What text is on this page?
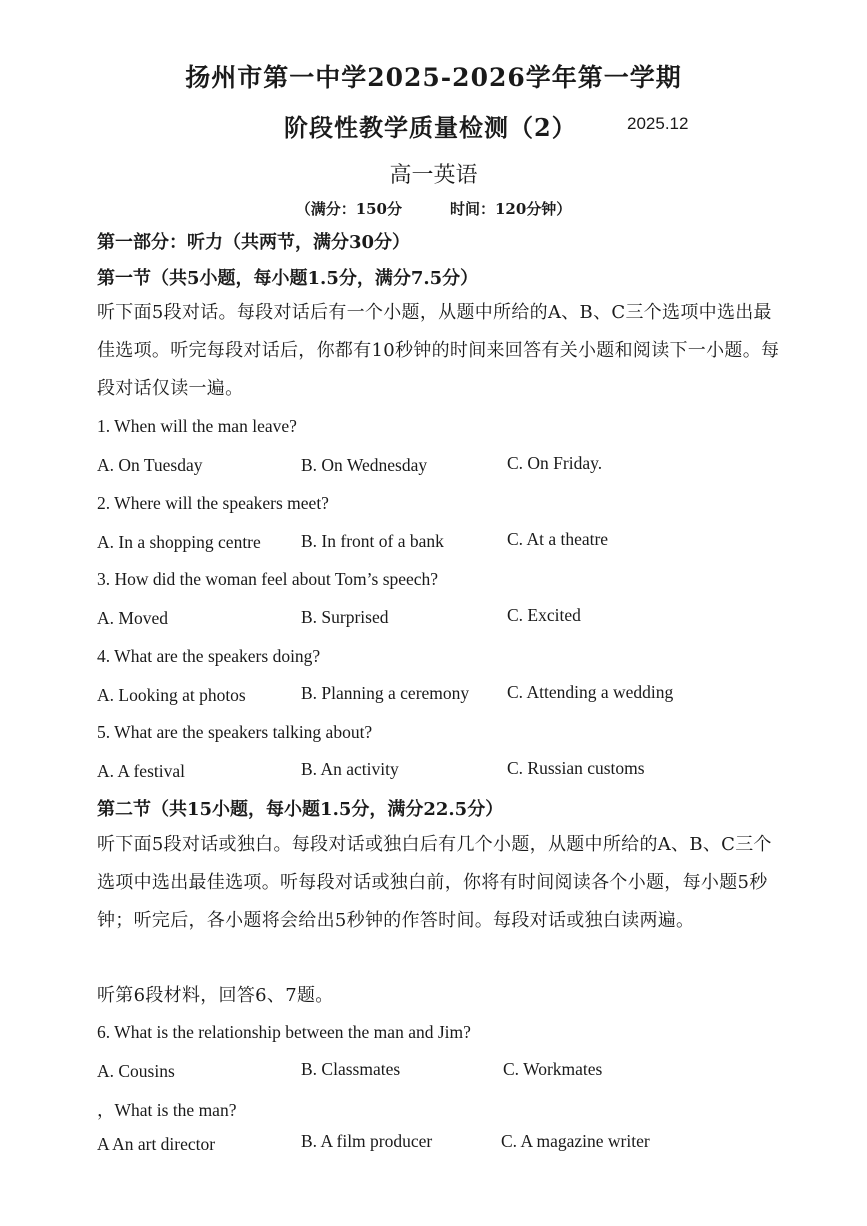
扬州市第一中学2025-2026学年第一学期
阶段性教学质量检测（2）	2025.12
高一英语
（满分：150分	时间：120分钟）
第一部分：听力（共两节，满分30分）
第一节（共5小题，每小题1.5分，满分7.5分）
听下面5段对话。每段对话后有一个小题，从题中所给的A、B、C三个选项中选出最佳选项。听完每段对话后，你都有10秒钟的时间来回答有关小题和阅读下一小题。每段对话仅读一遍。
1. When will the man leave?
A. On Tuesday	B. On Wednesday	C. On Friday.
2. Where will the speakers meet?
A. In a shopping centre B. In front of a bank	C. At a theatre
3. How did the woman feel about Tom’s speech?
A. Moved	B. Surprised	C. Excited
4. What are the speakers doing?
A. Looking at photos	B. Planning a ceremony C. Attending a wedding
5. What are the speakers talking about?
A. A festival	B. An activity	C. Russian customs
第二节（共15小题，每小题1.5分，满分22.5分）
听下面5段对话或独白。每段对话或独白后有几个小题，从题中所给的A、B、C三个选项中选出最佳选项。听每段对话或独白前，你将有时间阅读各个小题，每小题5秒钟；听完后，各小题将会给出5秒钟的作答时间。每段对话或独白读两遍。
听第6段材料，回答6、7题。
6. What is the relationship between the man and Jim?
A. Cousins	B. Classmates	C. Workmates
，What is the man?
A An art director	B. A film producer	C. A magazine writer
